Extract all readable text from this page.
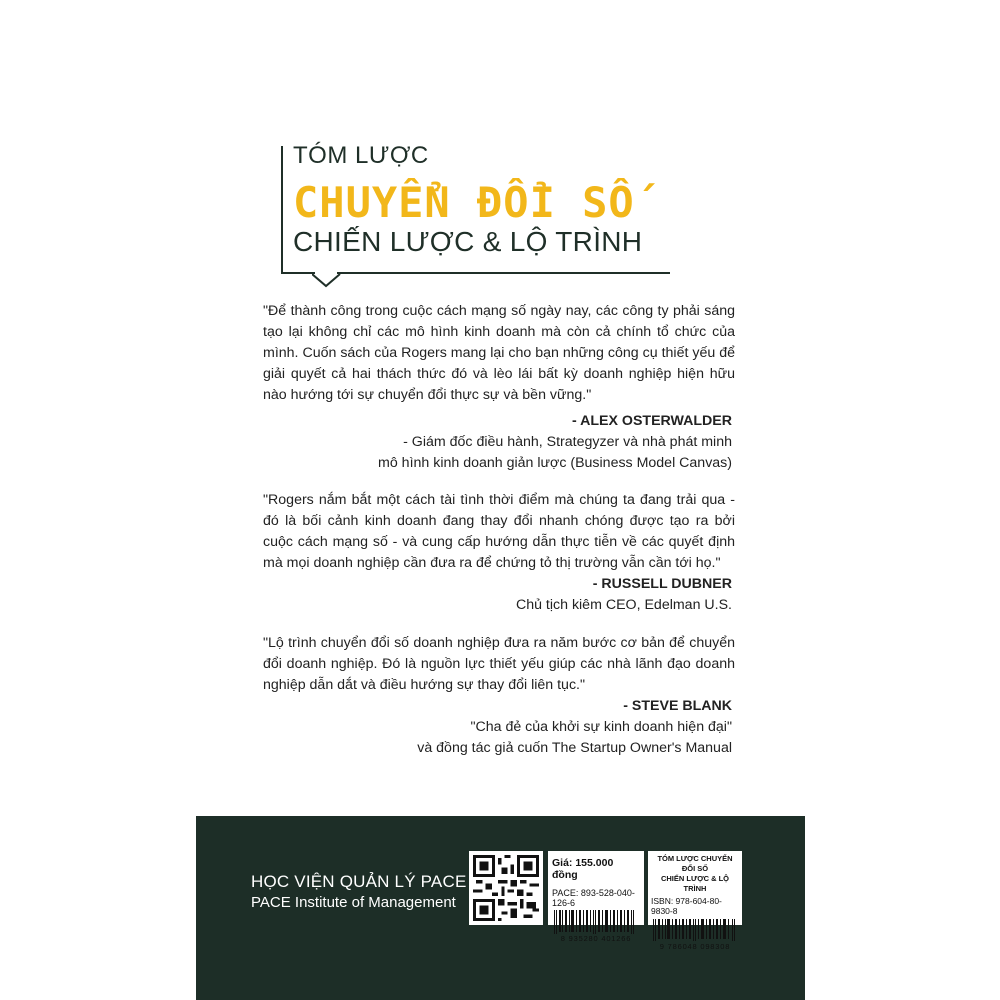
TÓM LƯỢC
CHUYỂN ĐỔI SỐ
CHIẾN LƯỢC & LỘ TRÌNH
"Để thành công trong cuộc cách mạng số ngày nay, các công ty phải sáng tạo lại không chỉ các mô hình kinh doanh mà còn cả chính tổ chức của mình. Cuốn sách của Rogers mang lại cho bạn những công cụ thiết yếu để giải quyết cả hai thách thức đó và lèo lái bất kỳ doanh nghiệp hiện hữu nào hướng tới sự chuyển đổi thực sự và bền vững."
- ALEX OSTERWALDER
- Giám đốc điều hành, Strategyzer và nhà phát minh
mô hình kinh doanh giản lược (Business Model Canvas)
"Rogers nắm bắt một cách tài tình thời điểm mà chúng ta đang trải qua - đó là bối cảnh kinh doanh đang thay đổi nhanh chóng được tạo ra bởi cuộc cách mạng số - và cung cấp hướng dẫn thực tiễn về các quyết định mà mọi doanh nghiệp cần đưa ra để chứng tỏ thị trường vẫn cần tới họ."
- RUSSELL DUBNER
Chủ tịch kiêm CEO, Edelman U.S.
"Lộ trình chuyển đổi số doanh nghiệp đưa ra năm bước cơ bản để chuyển đổi doanh nghiệp. Đó là nguồn lực thiết yếu giúp các nhà lãnh đạo doanh nghiệp dẫn dắt và điều hướng sự thay đổi liên tục."
- STEVE BLANK
"Cha đẻ của khởi sự kinh doanh hiện đại"
và đồng tác giả cuốn The Startup Owner's Manual
HỌC VIỆN QUẢN LÝ PACE
PACE Institute of Management
Giá: 155.000 đồng
PACE: 893-528-040-126-6
8 935280 401266
TÓM LƯỢC CHUYỂN ĐỔI SỐ
CHIẾN LƯỢC & LỘ TRÌNH
ISBN: 978-604-80-9830-8
9 786048 098308
